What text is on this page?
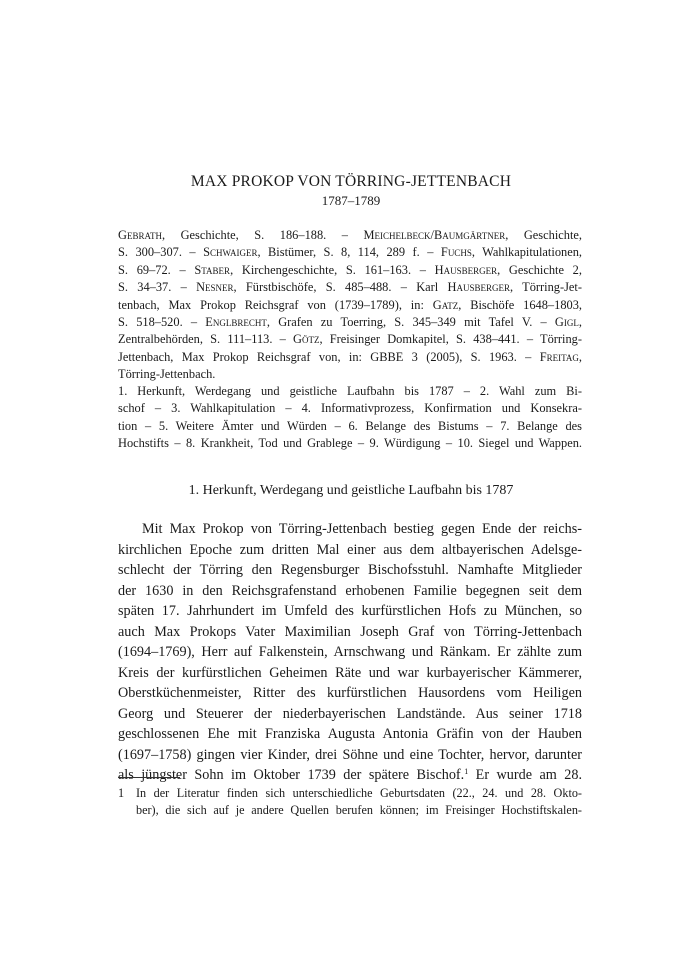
MAX PROKOP VON TÖRRING-JETTENBACH
1787–1789
Gebrath, Geschichte, S. 186–188. – Meichelbeck/Baumgärtner, Geschichte,
S. 300–307. – Schwaiger, Bistümer, S. 8, 114, 289 f. – Fuchs, Wahlkapitulationen,
S. 69–72. – Staber, Kirchengeschichte, S. 161–163. – Hausberger, Geschichte 2,
S. 34–37. – Nesner, Fürstbischöfe, S. 485–488. – Karl Hausberger, Törring-Jet-
tenbach, Max Prokop Reichsgraf von (1739–1789), in: Gatz, Bischöfe 1648–1803,
S. 518–520. – Englbrecht, Grafen zu Toerring, S. 345–349 mit Tafel V. – Gigl,
Zentralbehörden, S. 111–113. – Götz, Freisinger Domkapitel, S. 438–441. – Törring-
Jettenbach, Max Prokop Reichsgraf von, in: GBBE 3 (2005), S. 1963. – Freitag,
Törring-Jettenbach.
1. Herkunft, Werdegang und geistliche Laufbahn bis 1787 – 2. Wahl zum Bi-
schof – 3. Wahlkapitulation – 4. Informativprozess, Konfirmation und Konsekra-
tion – 5. Weitere Ämter und Würden – 6. Belange des Bistums – 7. Belange des
Hochstifts – 8. Krankheit, Tod und Grablege – 9. Würdigung – 10. Siegel und Wappen.
1. Herkunft, Werdegang und geistliche Laufbahn bis 1787
Mit Max Prokop von Törring-Jettenbach bestieg gegen Ende der reichs-
kirchlichen Epoche zum dritten Mal einer aus dem altbayerischen Adelsge-
schlecht der Törring den Regensburger Bischofsstuhl. Namhafte Mitglieder
der 1630 in den Reichsgrafenstand erhobenen Familie begegnen seit dem
späten 17. Jahrhundert im Umfeld des kurfürstlichen Hofs zu München, so
auch Max Prokops Vater Maximilian Joseph Graf von Törring-Jettenbach
(1694–1769), Herr auf Falkenstein, Arnschwang und Ränkam. Er zählte zum
Kreis der kurfürstlichen Geheimen Räte und war kurbayerischer Kämmerer,
Oberstküchenmeister, Ritter des kurfürstlichen Hausordens vom Heiligen
Georg und Steuerer der niederbayerischen Landstände. Aus seiner 1718
geschlossenen Ehe mit Franziska Augusta Antonia Gräfin von der Hauben
(1697–1758) gingen vier Kinder, drei Söhne und eine Tochter, hervor, darunter
als jüngster Sohn im Oktober 1739 der spätere Bischof.$^1$ Er wurde am 28.
1 In der Literatur finden sich unterschiedliche Geburtsdaten (22., 24. und 28. Okto-
ber), die sich auf je andere Quellen berufen können; im Freisinger Hochstiftskalen-
